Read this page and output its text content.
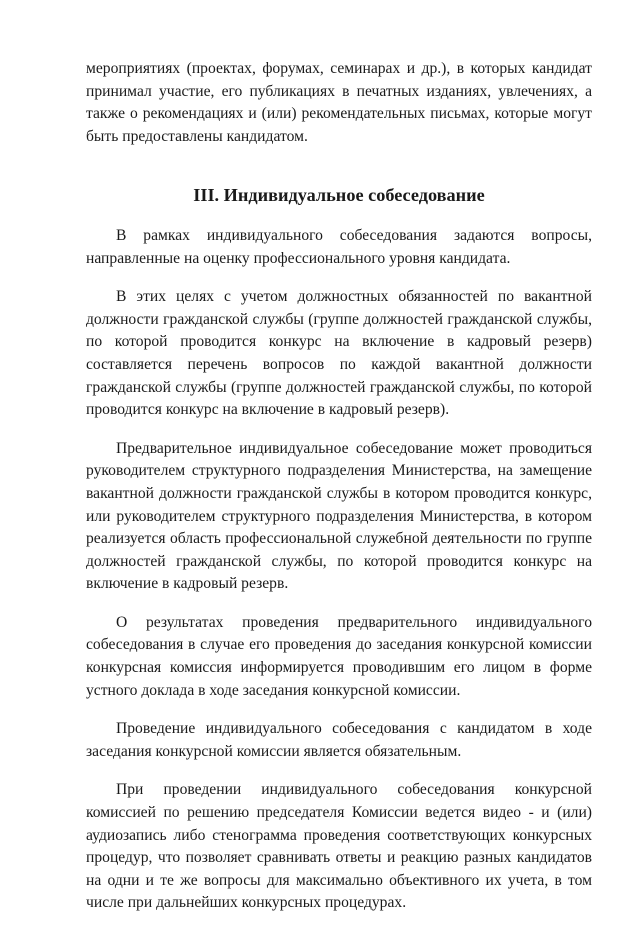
мероприятиях (проектах, форумах, семинарах и др.), в которых кандидат принимал участие, его публикациях в печатных изданиях, увлечениях, а также о рекомендациях и (или) рекомендательных письмах, которые могут быть предоставлены кандидатом.

III. Индивидуальное собеседование

В рамках индивидуального собеседования задаются вопросы, направленные на оценку профессионального уровня кандидата.

В этих целях с учетом должностных обязанностей по вакантной должности гражданской службы (группе должностей гражданской службы, по которой проводится конкурс на включение в кадровый резерв) составляется перечень вопросов по каждой вакантной должности гражданской службы (группе должностей гражданской службы, по которой проводится конкурс на включение в кадровый резерв).

Предварительное индивидуальное собеседование может проводиться руководителем структурного подразделения Министерства, на замещение вакантной должности гражданской службы в котором проводится конкурс, или руководителем структурного подразделения Министерства, в котором реализуется область профессиональной служебной деятельности по группе должностей гражданской службы, по которой проводится конкурс на включение в кадровый резерв.

О результатах проведения предварительного индивидуального собеседования в случае его проведения до заседания конкурсной комиссии конкурсная комиссия информируется проводившим его лицом в форме устного доклада в ходе заседания конкурсной комиссии.

Проведение индивидуального собеседования с кандидатом в ходе заседания конкурсной комиссии является обязательным.

При проведении индивидуального собеседования конкурсной комиссией по решению председателя Комиссии ведется видео - и (или) аудиозапись либо стенограмма проведения соответствующих конкурсных процедур, что позволяет сравнивать ответы и реакцию разных кандидатов на одни и те же вопросы для максимально объективного их учета, в том числе при дальнейших конкурсных процедурах.
